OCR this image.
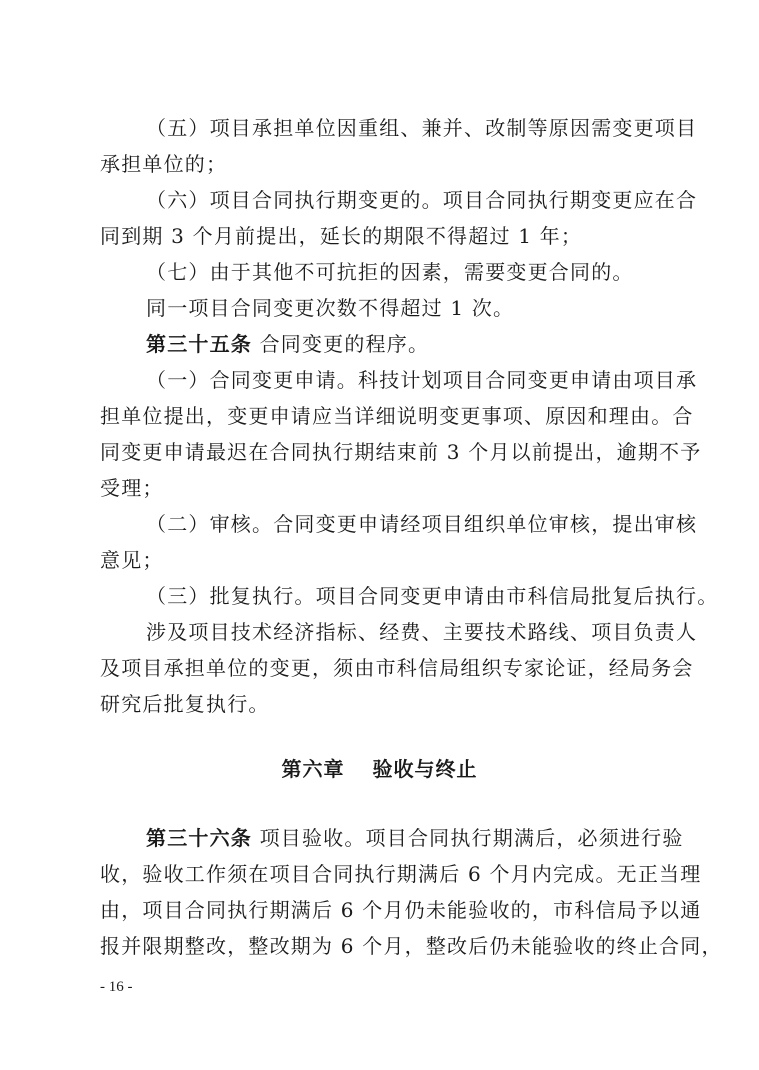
（五）项目承担单位因重组、兼并、改制等原因需变更项目
承担单位的；
（六）项目合同执行期变更的。项目合同执行期变更应在合
同到期 3 个月前提出，延长的期限不得超过 1 年；
（七）由于其他不可抗拒的因素，需要变更合同的。
同一项目合同变更次数不得超过 1 次。
第三十五条 合同变更的程序。
（一）合同变更申请。科技计划项目合同变更申请由项目承
担单位提出，变更申请应当详细说明变更事项、原因和理由。合
同变更申请最迟在合同执行期结束前 3 个月以前提出，逾期不予
受理；
（二）审核。合同变更申请经项目组织单位审核，提出审核
意见；
（三）批复执行。项目合同变更申请由市科信局批复后执行。
涉及项目技术经济指标、经费、主要技术路线、项目负责人
及项目承担单位的变更，须由市科信局组织专家论证，经局务会
研究后批复执行。
第六章 验收与终止
第三十六条 项目验收。项目合同执行期满后，必须进行验
收，验收工作须在项目合同执行期满后 6 个月内完成。无正当理
由，项目合同执行期满后 6 个月仍未能验收的，市科信局予以通
报并限期整改，整改期为 6 个月，整改后仍未能验收的终止合同，
- 16 -
